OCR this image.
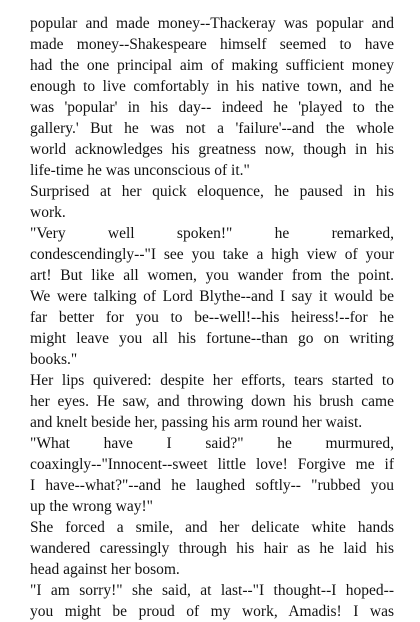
popular and made money--Thackeray was popular and
made money--Shakespeare himself seemed to have
had the one principal aim of making sufficient money
enough to live comfortably in his native town, and he
was 'popular' in his day-- indeed he 'played to the
gallery.' But he was not a 'failure'--and the whole
world acknowledges his greatness now, though in his
life-time he was unconscious of it."
Surprised at her quick eloquence, he paused in his
work.
"Very well spoken!" he remarked,
condescendingly--"I see you take a high view of your
art! But like all women, you wander from the point.
We were talking of Lord Blythe--and I say it would be
far better for you to be--well!--his heiress!--for he
might leave you all his fortune--than go on writing
books."
Her lips quivered: despite her efforts, tears started to
her eyes. He saw, and throwing down his brush came
and knelt beside her, passing his arm round her waist.
"What have I said?" he murmured,
coaxingly--"Innocent--sweet little love! Forgive me if
I have--what?"--and he laughed softly-- "rubbed you
up the wrong way!"
She forced a smile, and her delicate white hands
wandered caressingly through his hair as he laid his
head against her bosom.
"I am sorry!" she said, at last--"I thought--I hoped--
you might be proud of my work, Amadis! I was
